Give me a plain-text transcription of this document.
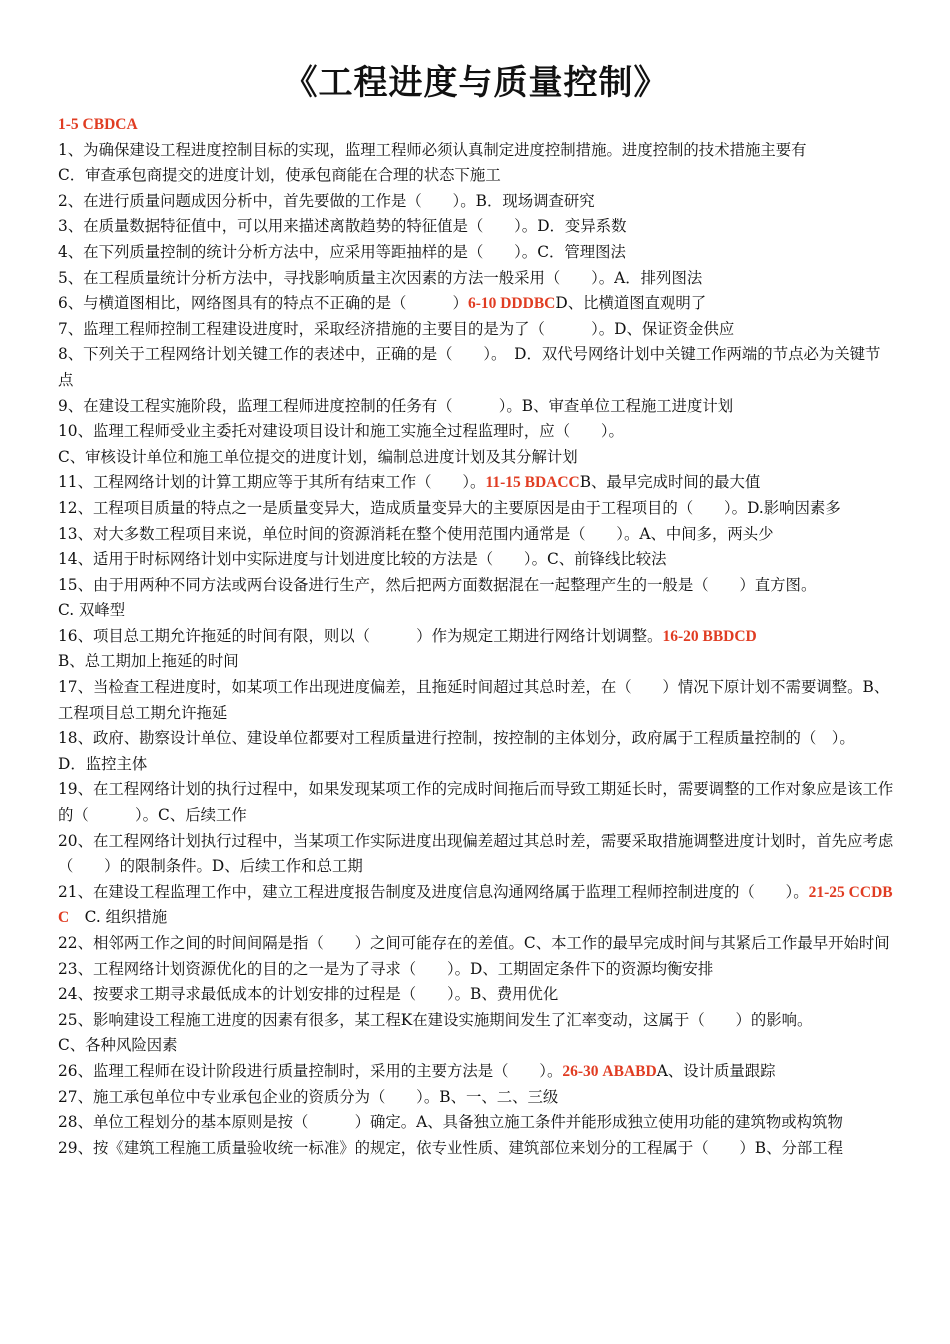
《工程进度与质量控制》

1-5 CBDCA

1、为确保建设工程进度控制目标的实现，监理工程师必须认真制定进度控制措施。进度控制的技术措施主要有

C．审查承包商提交的进度计划，使承包商能在合理的状态下施工

2、在进行质量问题成因分析中，首先要做的工作是（　　）。B．现场调查研究

3、在质量数据特征值中，可以用来描述离散趋势的特征值是（　　）。D．变异系数

4、在下列质量控制的统计分析方法中，应采用等距抽样的是（　　）。C．管理图法

5、在工程质量统计分析方法中，寻找影响质量主次因素的方法一般采用（　　）。A．排列图法

6、与横道图相比，网络图具有的特点不正确的是（　　　）6-10 DDDBCD、比横道图直观明了

7、监理工程师控制工程建设进度时，采取经济措施的主要目的是为了（　　　）。D、保证资金供应

8、下列关于工程网络计划关键工作的表述中，正确的是（　　）。　D．双代号网络计划中关键工作两端的节点必为关键节点

9、在建设工程实施阶段，监理工程师进度控制的任务有（　　　）。B、审查单位工程施工进度计划

10、监理工程师受业主委托对建设项目设计和施工实施全过程监理时，应（　　）。

C、审核设计单位和施工单位提交的进度计划，编制总进度计划及其分解计划

11、工程网络计划的计算工期应等于其所有结束工作（　　）。11-15 BDACCB、最早完成时间的最大值

12、工程项目质量的特点之一是质量变异大，造成质量变异大的主要原因是由于工程项目的（　　）。D.影响因素多

13、对大多数工程项目来说，单位时间的资源消耗在整个使用范围内通常是（　　）。A、中间多，两头少

14、适用于时标网络计划中实际进度与计划进度比较的方法是（　　）。C、前锋线比较法

15、由于用两种不同方法或两台设备进行生产，然后把两方面数据混在一起整理产生的一般是（　　）直方图。

C. 双峰型

16、项目总工期允许拖延的时间有限，则以（　　　）作为规定工期进行网络计划调整。16-20 BBDCD

B、总工期加上拖延的时间

17、当检查工程进度时，如某项工作出现进度偏差，且拖延时间超过其总时差，在（　　）情况下原计划不需要调整。B、工程项目总工期允许拖延

18、政府、勘察设计单位、建设单位都要对工程质量进行控制，按控制的主体划分，政府属于工程质量控制的（　）。

D．监控主体

19、在工程网络计划的执行过程中，如果发现某项工作的完成时间拖后而导致工期延长时，需要调整的工作对象应是该工作的（　　　）。C、后续工作

20、在工程网络计划执行过程中，当某项工作实际进度出现偏差超过其总时差，需要采取措施调整进度计划时，首先应考虑（　　）的限制条件。D、后续工作和总工期

21、在建设工程监理工作中，建立工程进度报告制度及进度信息沟通网络属于监理工程师控制进度的（　　）。21-25 CCDBC　C. 组织措施

22、相邻两工作之间的时间间隔是指（　　）之间可能存在的差值。C、本工作的最早完成时间与其紧后工作最早开始时间

23、工程网络计划资源优化的目的之一是为了寻求（　　）。D、工期固定条件下的资源均衡安排

24、按要求工期寻求最低成本的计划安排的过程是（　　）。B、费用优化

25、影响建设工程施工进度的因素有很多，某工程K在建设实施期间发生了汇率变动，这属于（　　）的影响。

C、各种风险因素

26、监理工程师在设计阶段进行质量控制时，采用的主要方法是（　　）。26-30 ABABDA、设计质量跟踪

27、施工承包单位中专业承包企业的资质分为（　　）。B、一、二、三级

28、单位工程划分的基本原则是按（　　　）确定。A、具备独立施工条件并能形成独立使用功能的建筑物或构筑物

29、按《建筑工程施工质量验收统一标准》的规定，依专业性质、建筑部位来划分的工程属于（　　）B、分部工程
